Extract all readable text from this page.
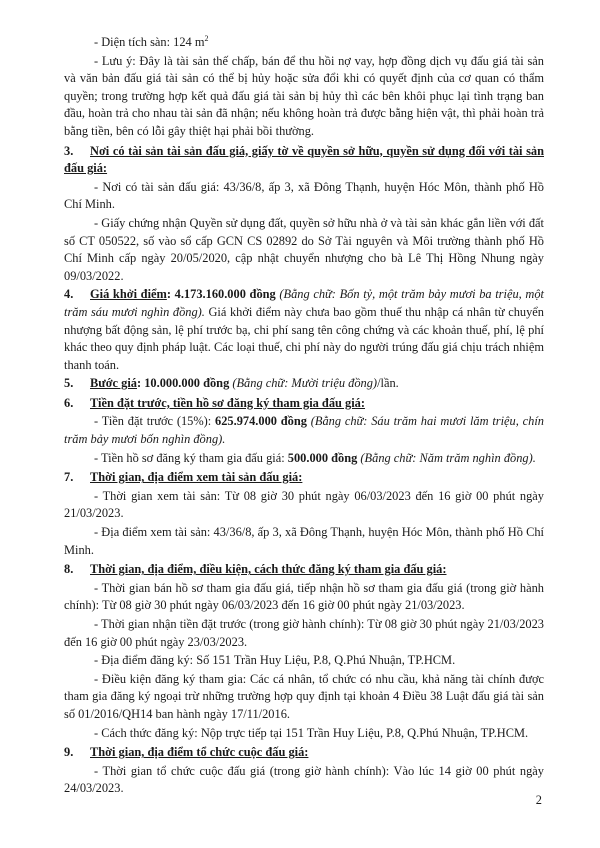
- Diện tích sàn: 124 $m^2$

- Lưu ý: Đây là tài sản thế chấp, bán để thu hồi nợ vay, hợp đồng dịch vụ đấu giá tài sản và văn bản đấu giá tài sản có thể bị hủy hoặc sửa đổi khi có quyết định của cơ quan có thẩm quyền; trong trường hợp kết quả đấu giá tài sản bị hủy thì các bên khôi phục lại tình trạng ban đầu, hoàn trả cho nhau tài sản đã nhận; nếu không hoàn trả được bằng hiện vật, thì phải hoàn trả bằng tiền, bên có lỗi gây thiệt hại phải bồi thường.

3. Nơi có tài sản tài sản đấu giá, giấy tờ về quyền sở hữu, quyền sử dụng đối với tài sản đấu giá:

- Nơi có tài sản đấu giá: 43/36/8, ấp 3, xã Đông Thạnh, huyện Hóc Môn, thành phố Hồ Chí Minh.

- Giấy chứng nhận Quyền sử dụng đất, quyền sở hữu nhà ở và tài sản khác gắn liền với đất số CT 050522, số vào sổ cấp GCN CS 02892 do Sở Tài nguyên và Môi trường thành phố Hồ Chí Minh cấp ngày 20/05/2020, cập nhật chuyển nhượng cho bà Lê Thị Hồng Nhung ngày 09/03/2022.

4. Giá khởi điểm: 4.173.160.000 đồng (Bằng chữ: Bốn tỷ, một trăm bảy mươi ba triệu, một trăm sáu mươi nghìn đồng). Giá khởi điểm này chưa bao gồm thuế thu nhập cá nhân từ chuyển nhượng bất động sản, lệ phí trước bạ, chi phí sang tên công chứng và các khoản thuế, phí, lệ phí khác theo quy định pháp luật. Các loại thuế, chi phí này do người trúng đấu giá chịu trách nhiệm thanh toán.

5. Bước giá: 10.000.000 đồng (Bằng chữ: Mười triệu đồng)/lần.

6. Tiền đặt trước, tiền hồ sơ đăng ký tham gia đấu giá:

- Tiền đặt trước (15%): 625.974.000 đồng (Bằng chữ: Sáu trăm hai mươi lăm triệu, chín trăm bảy mươi bốn nghìn đồng).

- Tiền hồ sơ đăng ký tham gia đấu giá: 500.000 đồng (Bằng chữ: Năm trăm nghìn đồng).

7. Thời gian, địa điểm xem tài sản đấu giá:

- Thời gian xem tài sản: Từ 08 giờ 30 phút ngày 06/03/2023 đến 16 giờ 00 phút ngày 21/03/2023.

- Địa điểm xem tài sản: 43/36/8, ấp 3, xã Đông Thạnh, huyện Hóc Môn, thành phố Hồ Chí Minh.

8. Thời gian, địa điểm, điều kiện, cách thức đăng ký tham gia đấu giá:

- Thời gian bán hồ sơ tham gia đấu giá, tiếp nhận hồ sơ tham gia đấu giá (trong giờ hành chính): Từ 08 giờ 30 phút ngày 06/03/2023 đến 16 giờ 00 phút ngày 21/03/2023.

- Thời gian nhận tiền đặt trước (trong giờ hành chính): Từ 08 giờ 30 phút ngày 21/03/2023 đến 16 giờ 00 phút ngày 23/03/2023.

- Địa điểm đăng ký: Số 151 Trần Huy Liệu, P.8, Q.Phú Nhuận, TP.HCM.

- Điều kiện đăng ký tham gia: Các cá nhân, tổ chức có nhu cầu, khả năng tài chính được tham gia đăng ký ngoại trừ những trường hợp quy định tại khoản 4 Điều 38 Luật đấu giá tài sản số 01/2016/QH14 ban hành ngày 17/11/2016.

- Cách thức đăng ký: Nộp trực tiếp tại 151 Trần Huy Liệu, P.8, Q.Phú Nhuận, TP.HCM.

9. Thời gian, địa điểm tổ chức cuộc đấu giá:

- Thời gian tổ chức cuộc đấu giá (trong giờ hành chính): Vào lúc 14 giờ 00 phút ngày 24/03/2023.

2
